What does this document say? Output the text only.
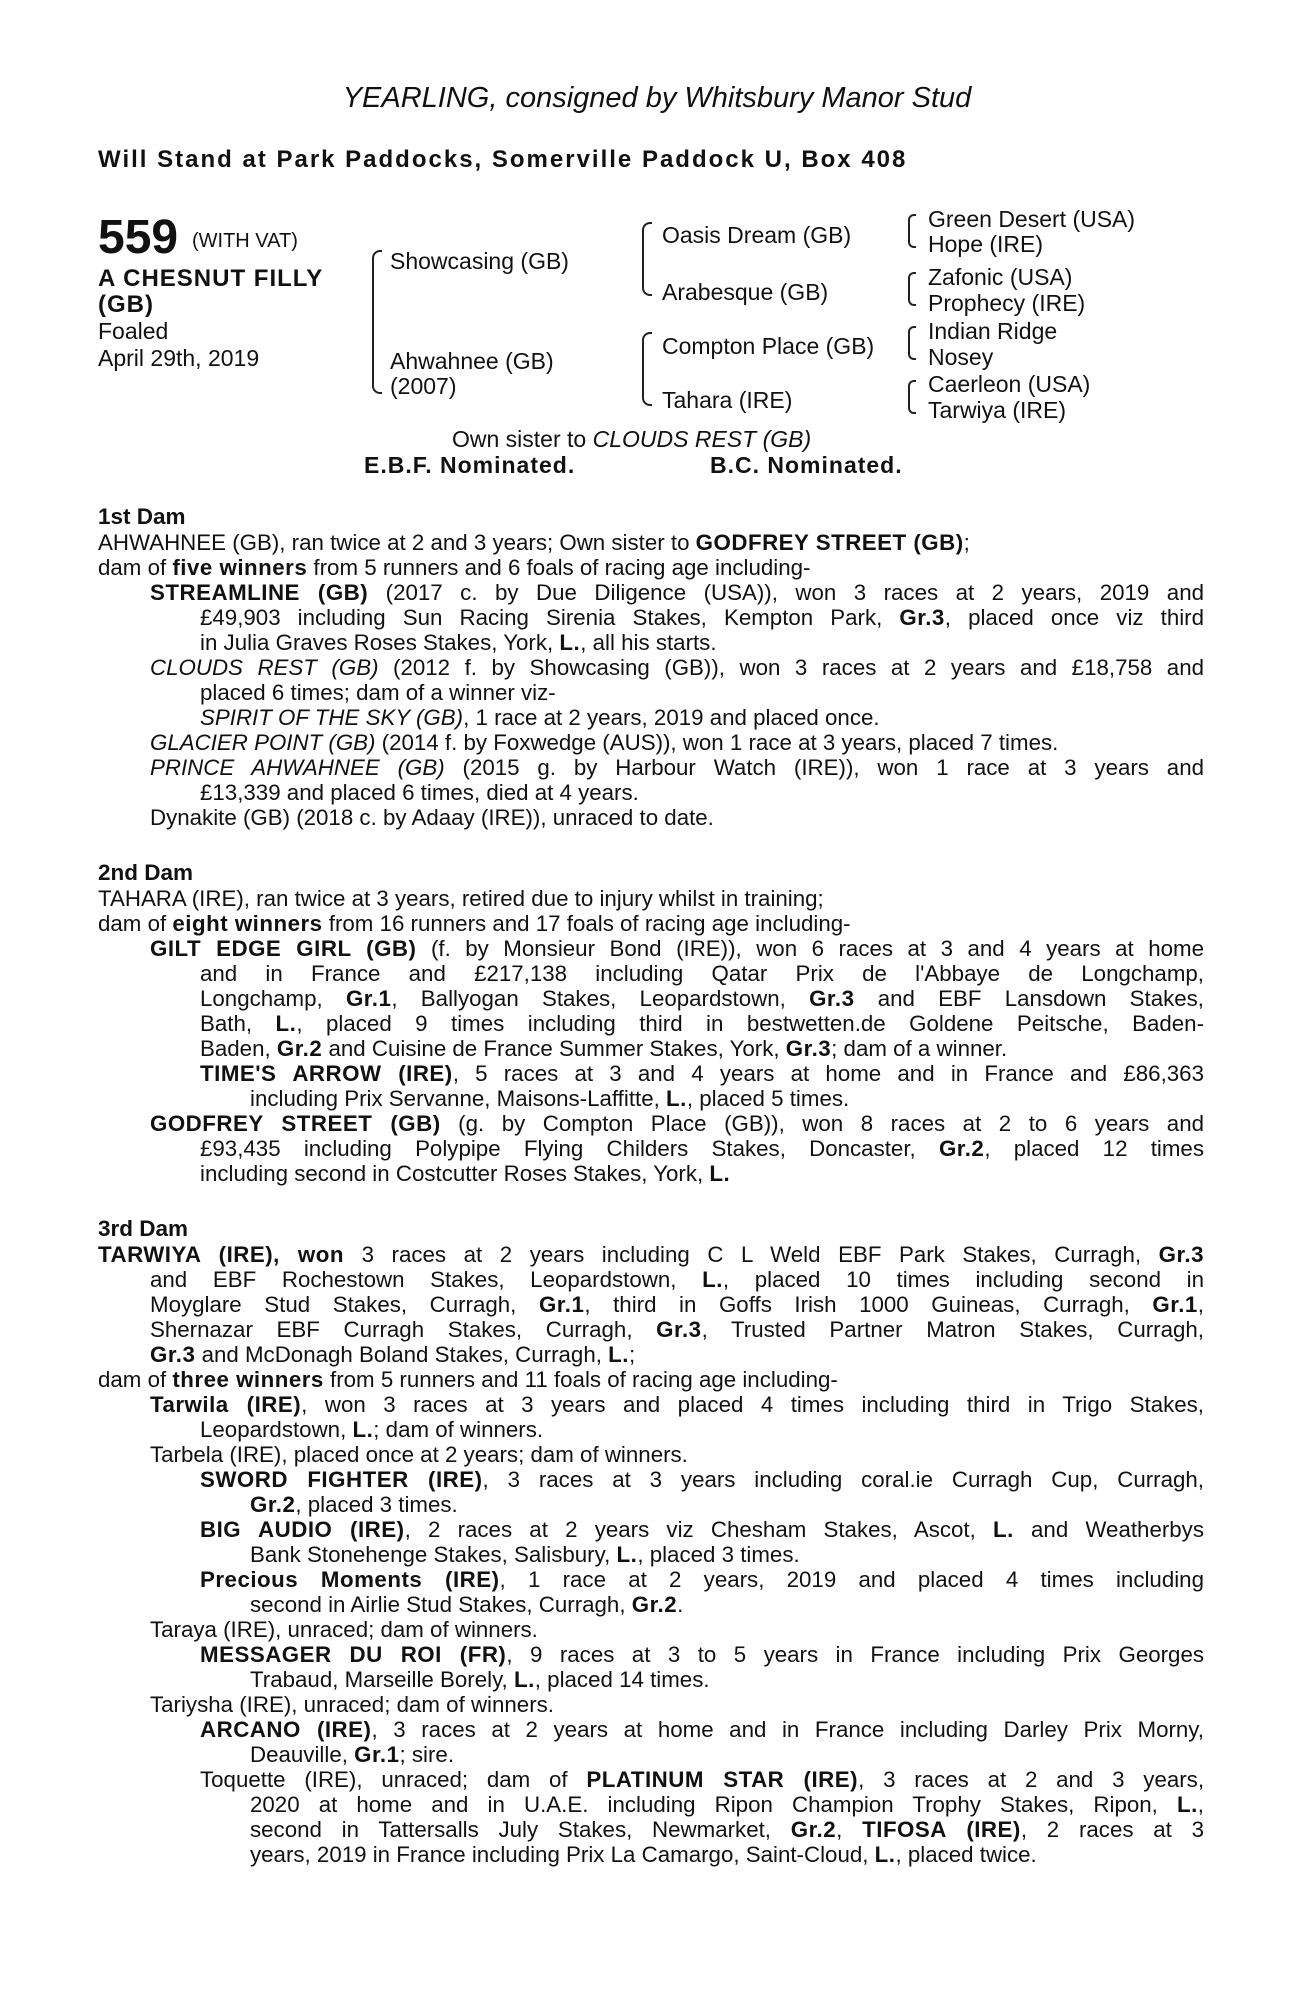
YEARLING, consigned by Whitsbury Manor Stud
Will Stand at Park Paddocks, Somerville Paddock U, Box 408
559 (WITH VAT)
A CHESNUT FILLY
(GB)
Foaled
April 29th, 2019
Showcasing (GB)
Ahwahnee (GB)
(2007)
Oasis Dream (GB)
Arabesque (GB)
Compton Place (GB)
Tahara (IRE)
Green Desert (USA)
Hope (IRE)
Zafonic (USA)
Prophecy (IRE)
Indian Ridge
Nosey
Caerleon (USA)
Tarwiya (IRE)
Own sister to CLOUDS REST (GB)
E.B.F. Nominated.	B.C. Nominated.
1st Dam
AHWAHNEE (GB), ran twice at 2 and 3 years; Own sister to GODFREY STREET (GB);
dam of five winners from 5 runners and 6 foals of racing age including-
STREAMLINE (GB) (2017 c. by Due Diligence (USA)), won 3 races at 2 years, 2019 and
£49,903 including Sun Racing Sirenia Stakes, Kempton Park, Gr.3, placed once viz third
in Julia Graves Roses Stakes, York, L., all his starts.
CLOUDS REST (GB) (2012 f. by Showcasing (GB)), won 3 races at 2 years and £18,758 and
placed 6 times; dam of a winner viz-
SPIRIT OF THE SKY (GB), 1 race at 2 years, 2019 and placed once.
GLACIER POINT (GB) (2014 f. by Foxwedge (AUS)), won 1 race at 3 years, placed 7 times.
PRINCE AHWAHNEE (GB) (2015 g. by Harbour Watch (IRE)), won 1 race at 3 years and
£13,339 and placed 6 times, died at 4 years.
Dynakite (GB) (2018 c. by Adaay (IRE)), unraced to date.
2nd Dam
TAHARA (IRE), ran twice at 3 years, retired due to injury whilst in training;
dam of eight winners from 16 runners and 17 foals of racing age including-
GILT EDGE GIRL (GB) (f. by Monsieur Bond (IRE)), won 6 races at 3 and 4 years at home
and in France and £217,138 including Qatar Prix de l'Abbaye de Longchamp,
Longchamp, Gr.1, Ballyogan Stakes, Leopardstown, Gr.3 and EBF Lansdown Stakes,
Bath, L., placed 9 times including third in bestwetten.de Goldene Peitsche, Baden-
Baden, Gr.2 and Cuisine de France Summer Stakes, York, Gr.3; dam of a winner.
TIME'S ARROW (IRE), 5 races at 3 and 4 years at home and in France and £86,363
including Prix Servanne, Maisons-Laffitte, L., placed 5 times.
GODFREY STREET (GB) (g. by Compton Place (GB)), won 8 races at 2 to 6 years and
£93,435 including Polypipe Flying Childers Stakes, Doncaster, Gr.2, placed 12 times
including second in Costcutter Roses Stakes, York, L.
3rd Dam
TARWIYA (IRE), won 3 races at 2 years including C L Weld EBF Park Stakes, Curragh, Gr.3
and EBF Rochestown Stakes, Leopardstown, L., placed 10 times including second in
Moyglare Stud Stakes, Curragh, Gr.1, third in Goffs Irish 1000 Guineas, Curragh, Gr.1,
Shernazar EBF Curragh Stakes, Curragh, Gr.3, Trusted Partner Matron Stakes, Curragh,
Gr.3 and McDonagh Boland Stakes, Curragh, L.;
dam of three winners from 5 runners and 11 foals of racing age including-
Tarwila (IRE), won 3 races at 3 years and placed 4 times including third in Trigo Stakes,
Leopardstown, L.; dam of winners.
Tarbela (IRE), placed once at 2 years; dam of winners.
SWORD FIGHTER (IRE), 3 races at 3 years including coral.ie Curragh Cup, Curragh,
Gr.2, placed 3 times.
BIG AUDIO (IRE), 2 races at 2 years viz Chesham Stakes, Ascot, L. and Weatherbys
Bank Stonehenge Stakes, Salisbury, L., placed 3 times.
Precious Moments (IRE), 1 race at 2 years, 2019 and placed 4 times including
second in Airlie Stud Stakes, Curragh, Gr.2.
Taraya (IRE), unraced; dam of winners.
MESSAGER DU ROI (FR), 9 races at 3 to 5 years in France including Prix Georges
Trabaud, Marseille Borely, L., placed 14 times.
Tariysha (IRE), unraced; dam of winners.
ARCANO (IRE), 3 races at 2 years at home and in France including Darley Prix Morny,
Deauville, Gr.1; sire.
Toquette (IRE), unraced; dam of PLATINUM STAR (IRE), 3 races at 2 and 3 years,
2020 at home and in U.A.E. including Ripon Champion Trophy Stakes, Ripon, L.,
second in Tattersalls July Stakes, Newmarket, Gr.2, TIFOSA (IRE), 2 races at 3
years, 2019 in France including Prix La Camargo, Saint-Cloud, L., placed twice.
